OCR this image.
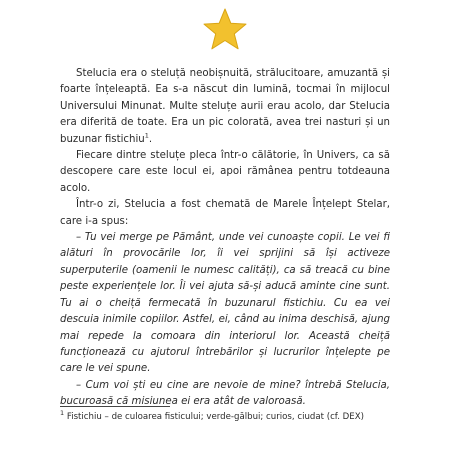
Stelucia era o steluță neobișnuită, strălucitoare, amuzantă și foarte înțeleaptă. Ea s-a născut din lumină, tocmai în mijlocul Universului Minunat. Multe steluțe aurii erau acolo, dar Stelucia era diferită de toate. Era un pic colorată, avea trei nasturi și un buzunar fistichiu$^1$.

Fiecare dintre steluțe pleca într-o călătorie, în Univers, ca să descopere care este locul ei, apoi rămânea pentru totdeauna acolo.

Într-o zi, Stelucia a fost chemată de Marele Înțelept Stelar, care i-a spus:

– Tu vei merge pe Pământ, unde vei cunoaște copii. Le vei fi alături în provocările lor, îi vei sprijini să își activeze superputerile (oamenii le numesc calități), ca să treacă cu bine peste experiențele lor. Îi vei ajuta să-și aducă aminte cine sunt. Tu ai o cheiță fermecată în buzunarul fistichiu. Cu ea vei descuia inimile copiilor. Astfel, ei, când au inima deschisă, ajung mai repede la comoara din interiorul lor. Această cheiță funcționează cu ajutorul întrebărilor și lucrurilor înțelepte pe care le vei spune.

– Cum voi ști eu cine are nevoie de mine? întrebă Stelucia, bucuroasă că misiunea ei era atât de valoroasă.

$^1$ Fistichiu – de culoarea fisticului; verde-gălbui; curios, ciudat (cf. DEX)
